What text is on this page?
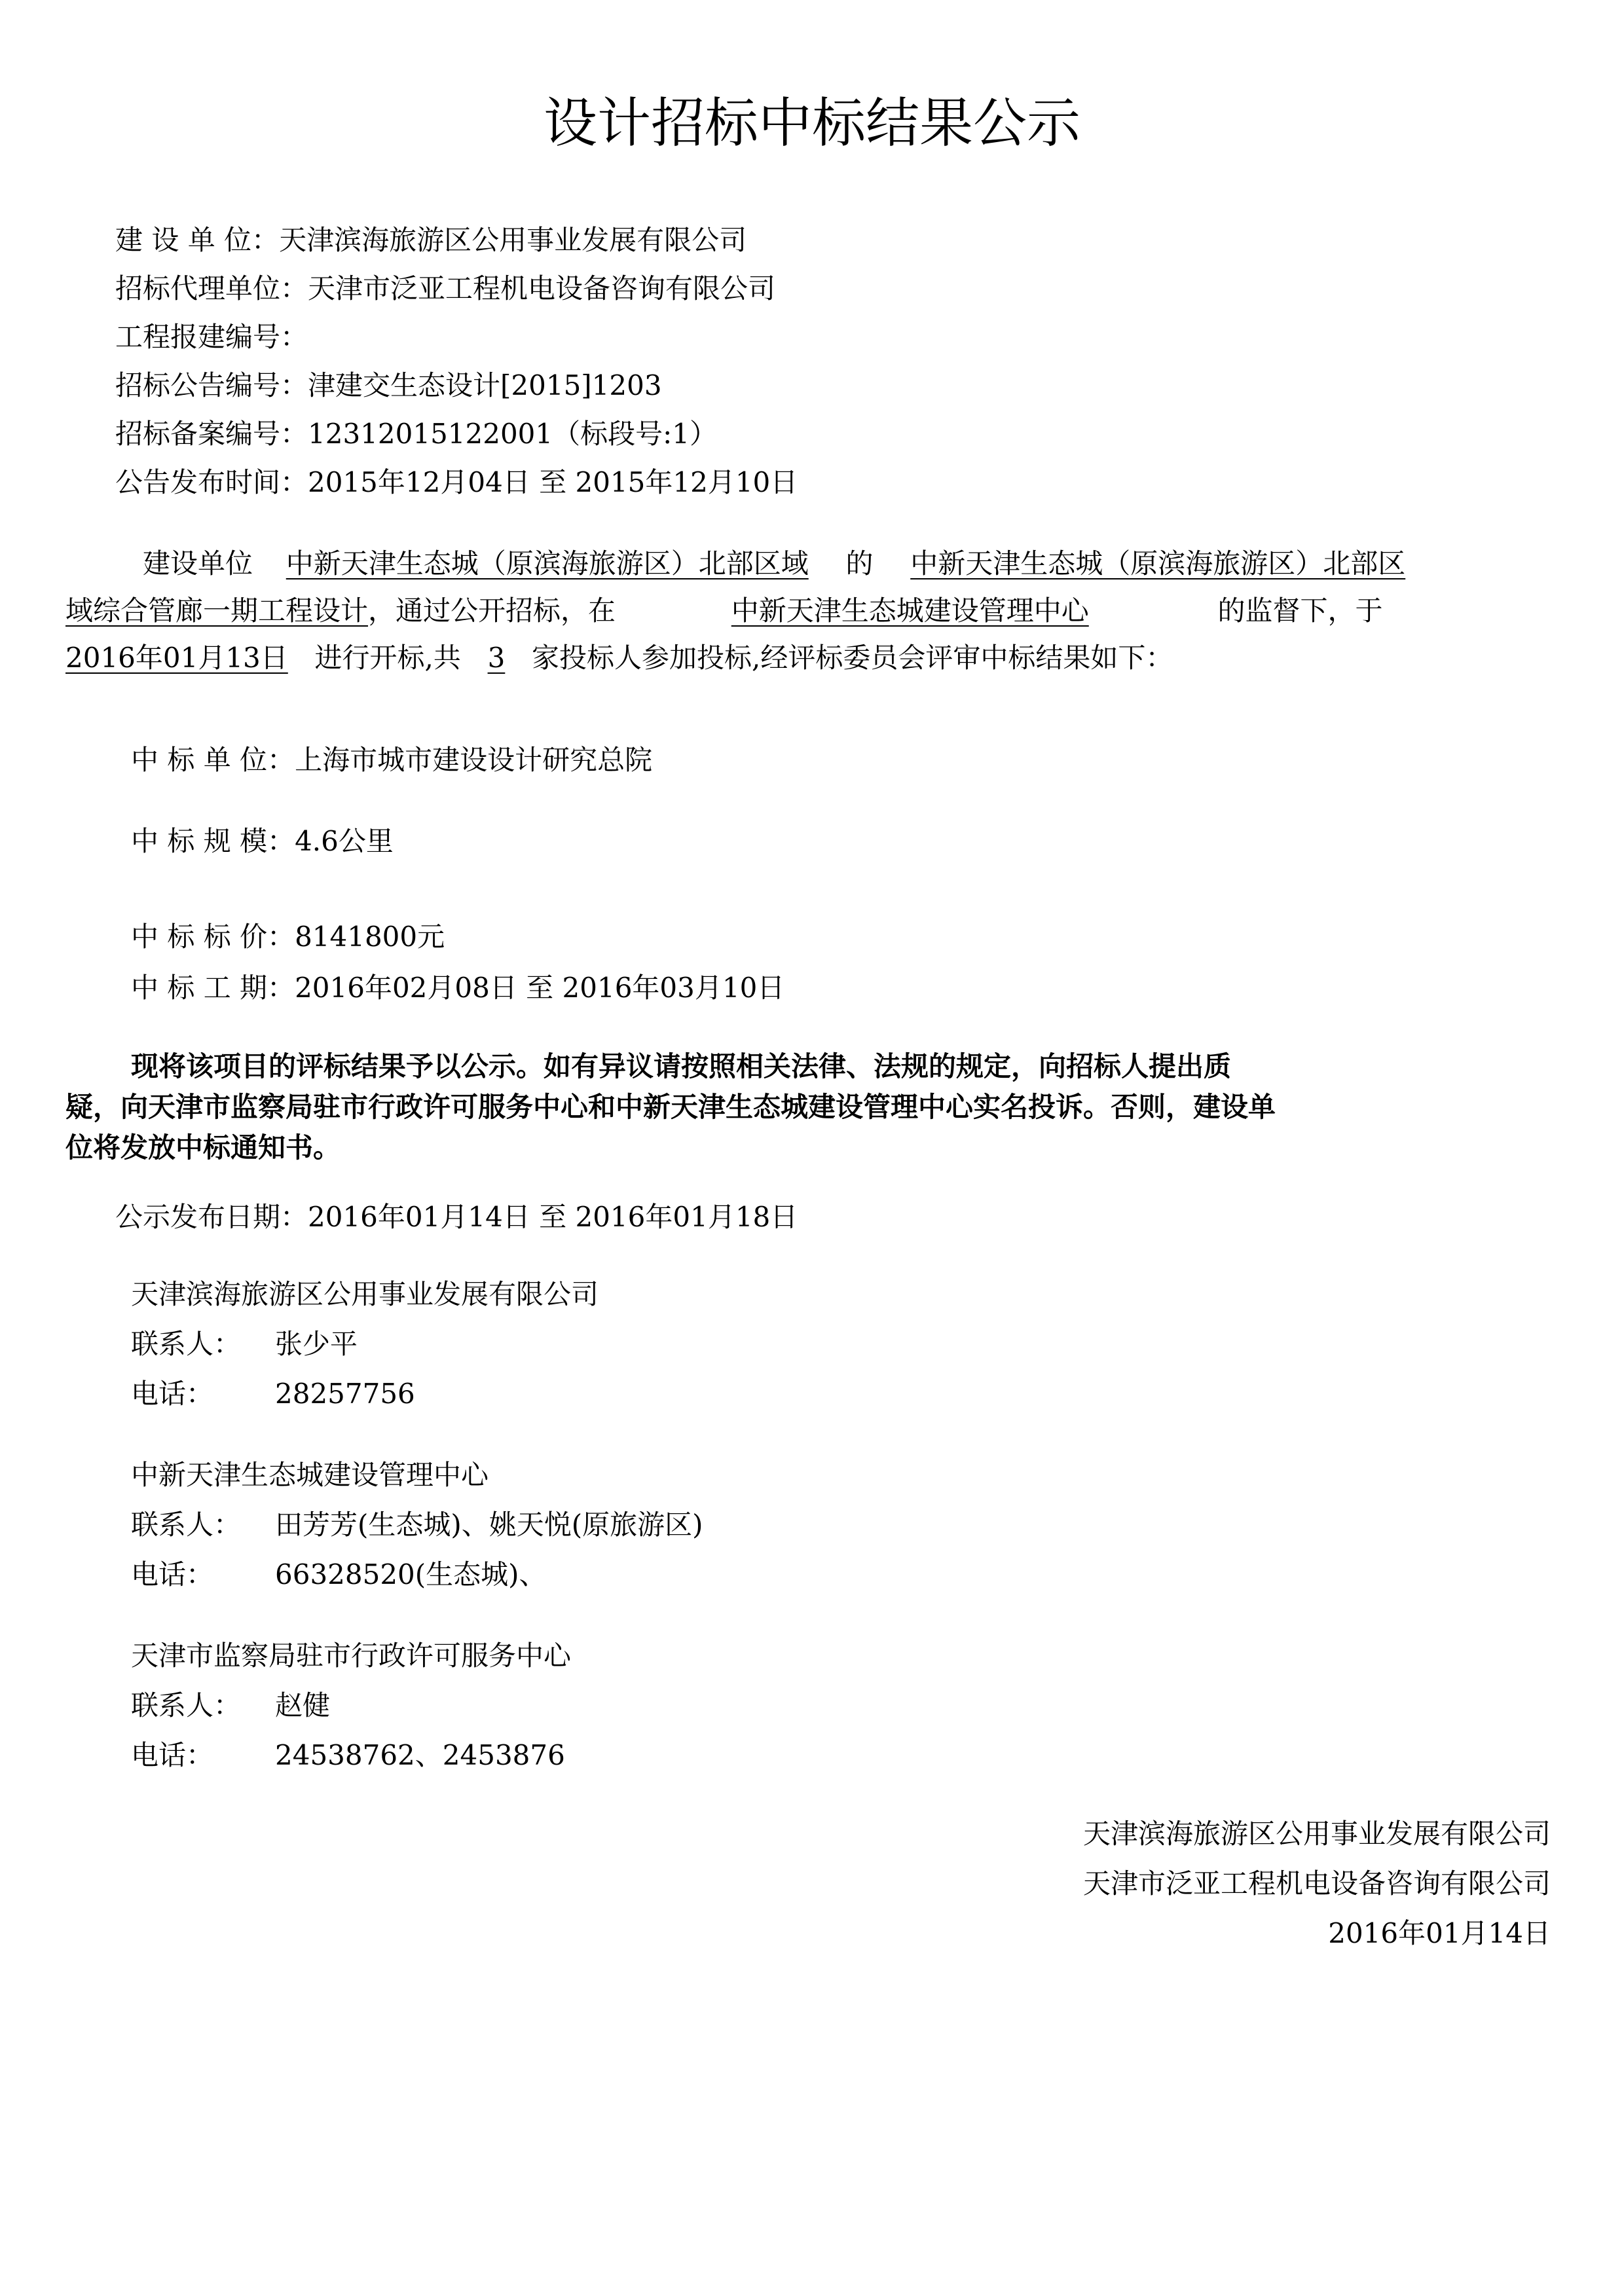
设计招标中标结果公示
建 设 单 位：天津滨海旅游区公用事业发展有限公司
招标代理单位：天津市泛亚工程机电设备咨询有限公司
工程报建编号：
招标公告编号：津建交生态设计[2015]1203
招标备案编号：12312015122001（标段号:1）
公告发布时间：2015年12月04日 至 2015年12月10日
建设单位 中新天津生态城（原滨海旅游区）北部区域 的 中新天津生态城（原滨海旅游区）北部区
域综合管廊一期工程设计，通过公开招标，在	中新天津生态城建设管理中心	的监督下，于
2016年01月13日 进行开标,共 3 家投标人参加投标,经评标委员会评审中标结果如下：
中 标 单 位：上海市城市建设设计研究总院
中 标 规 模：4.6公里
中 标 标 价：8141800元
中 标 工 期：2016年02月08日 至 2016年03月10日
现将该项目的评标结果予以公示。如有异议请按照相关法律、法规的规定，向招标人提出质
疑，向天津市监察局驻市行政许可服务中心和中新天津生态城建设管理中心实名投诉。否则，建设单
位将发放中标通知书。
公示发布日期：2016年01月14日 至 2016年01月18日
天津滨海旅游区公用事业发展有限公司
联系人： 张少平
电话： 28257756
中新天津生态城建设管理中心
联系人： 田芳芳(生态城)、姚天悦(原旅游区)
电话： 66328520(生态城)、
天津市监察局驻市行政许可服务中心
联系人： 赵健
电话： 24538762、2453876
天津滨海旅游区公用事业发展有限公司
天津市泛亚工程机电设备咨询有限公司
2016年01月14日
